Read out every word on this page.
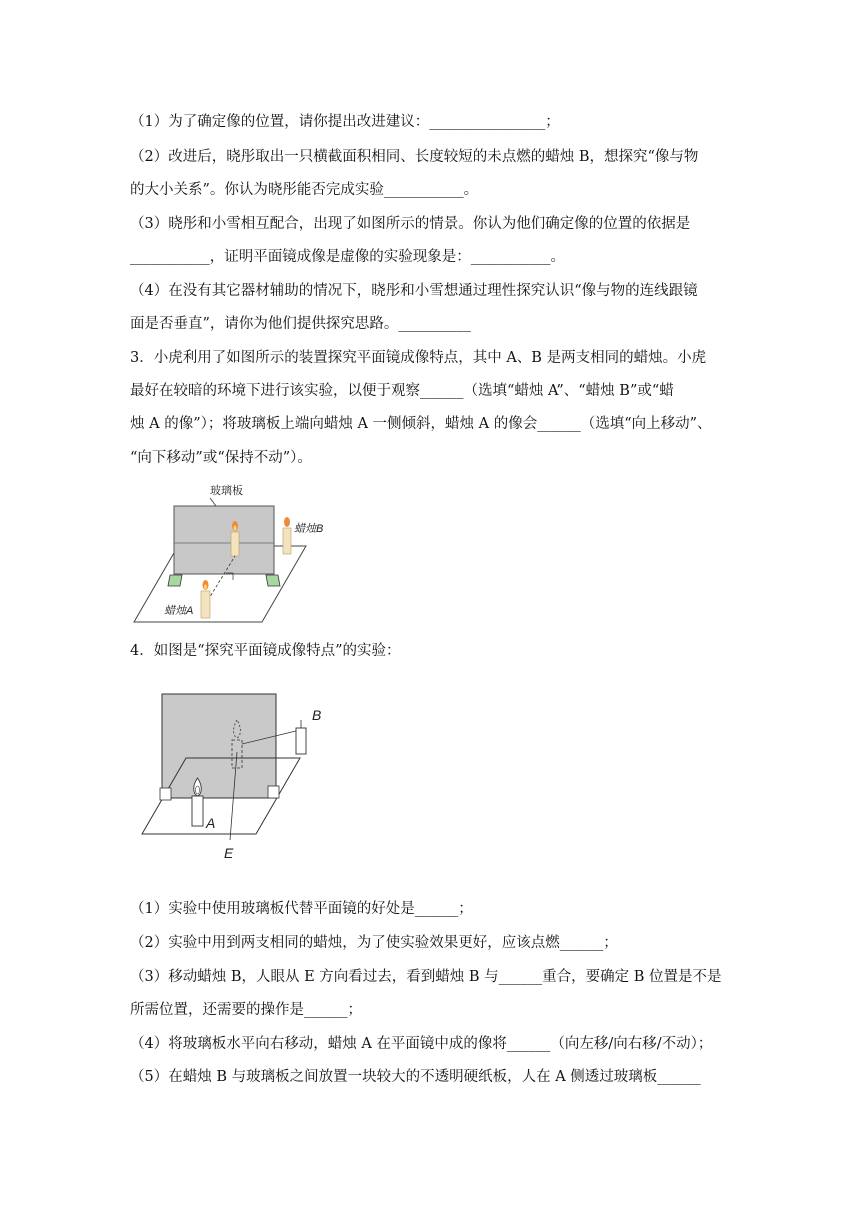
（1）为了确定像的位置，请你提出改进建议：________________；
（2）改进后，晓彤取出一只横截面积相同、长度较短的未点燃的蜡烛 B，想探究“像与物
的大小关系”。你认为晓彤能否完成实验___________。
（3）晓彤和小雪相互配合，出现了如图所示的情景。你认为他们确定像的位置的依据是
___________，证明平面镜成像是虚像的实验现象是：___________。
（4）在没有其它器材辅助的情况下，晓彤和小雪想通过理性探究认识“像与物的连线跟镜
面是否垂直”，请你为他们提供探究思路。__________
3．小虎利用了如图所示的装置探究平面镜成像特点，其中 A、B 是两支相同的蜡烛。小虎
最好在较暗的环境下进行该实验，以便于观察______（选填“蜡烛 A”、“蜡烛 B”或“蜡
烛 A 的像”）；将玻璃板上端向蜡烛 A 一侧倾斜，蜡烛 A 的像会______（选填“向上移动”、
“向下移动”或“保持不动”）。
玻璃板
蜡烛B
蜡烛A
4．如图是“探究平面镜成像特点”的实验：
B
A
E
（1）实验中使用玻璃板代替平面镜的好处是______；
（2）实验中用到两支相同的蜡烛，为了使实验效果更好，应该点燃______；
（3）移动蜡烛 B，人眼从 E 方向看过去，看到蜡烛 B 与______重合，要确定 B 位置是不是
所需位置，还需要的操作是______；
（4）将玻璃板水平向右移动，蜡烛 A 在平面镜中成的像将______（向左移/向右移/不动）；
（5）在蜡烛 B 与玻璃板之间放置一块较大的不透明硬纸板，人在 A 侧透过玻璃板______
